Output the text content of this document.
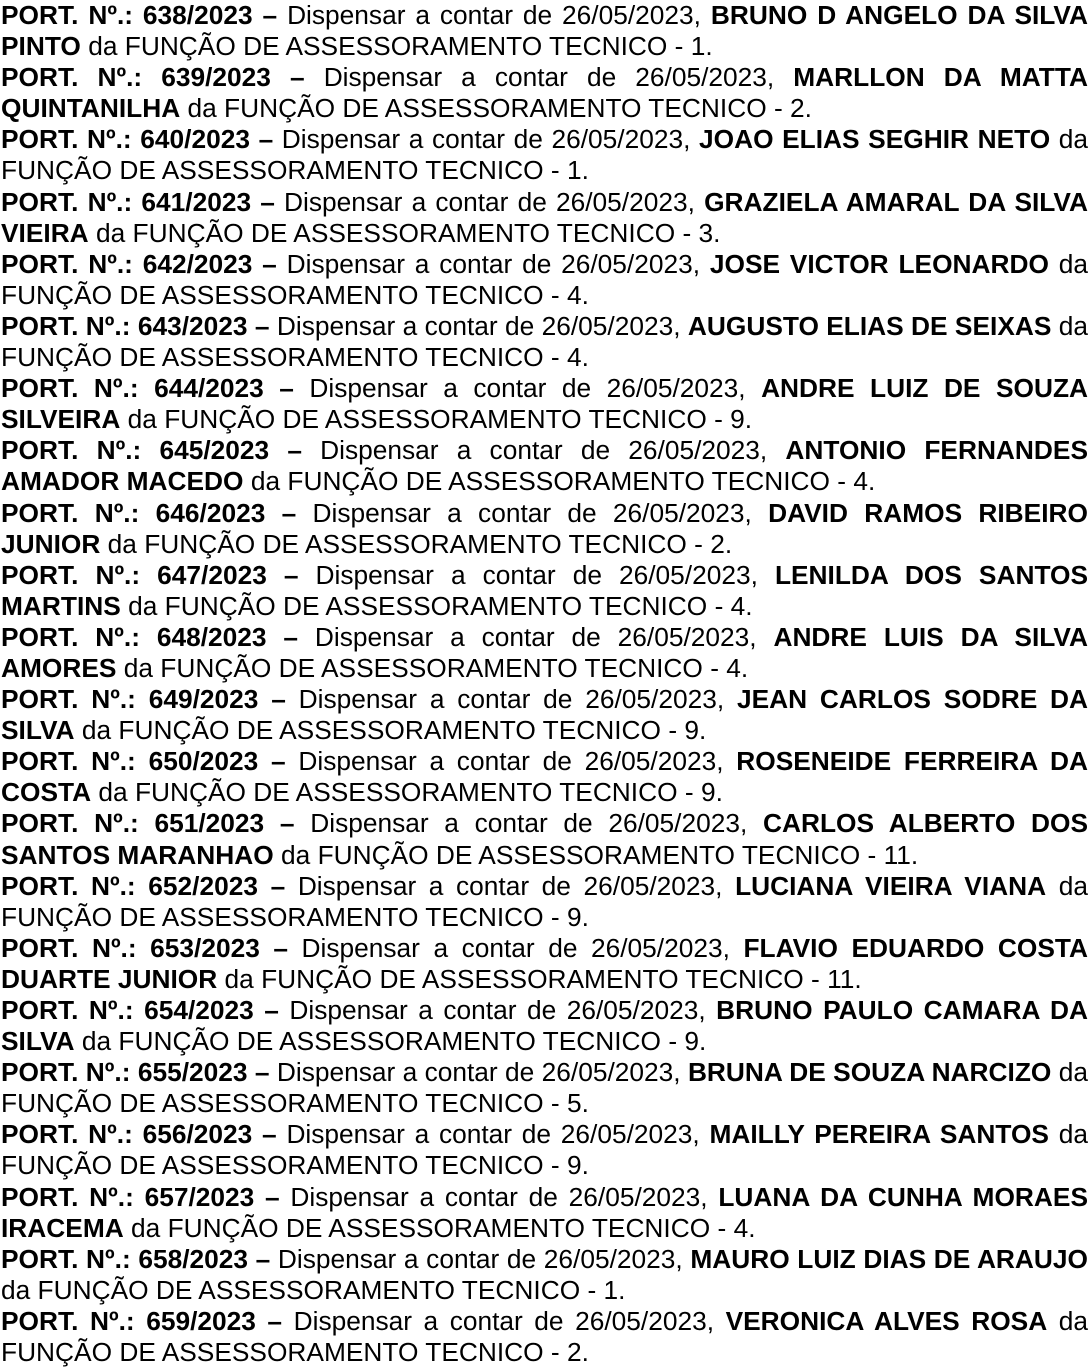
PORT. Nº.: 638/2023 – Dispensar a contar de 26/05/2023, BRUNO D ANGELO DA SILVA PINTO da FUNÇÃO DE ASSESSORAMENTO TECNICO - 1.

PORT. Nº.: 639/2023 – Dispensar a contar de 26/05/2023, MARLLON DA MATTA QUINTANILHA da FUNÇÃO DE ASSESSORAMENTO TECNICO - 2.

PORT. Nº.: 640/2023 – Dispensar a contar de 26/05/2023, JOAO ELIAS SEGHIR NETO da FUNÇÃO DE ASSESSORAMENTO TECNICO - 1.

PORT. Nº.: 641/2023 – Dispensar a contar de 26/05/2023, GRAZIELA AMARAL DA SILVA VIEIRA da FUNÇÃO DE ASSESSORAMENTO TECNICO - 3.

PORT. Nº.: 642/2023 – Dispensar a contar de 26/05/2023, JOSE VICTOR LEONARDO da FUNÇÃO DE ASSESSORAMENTO TECNICO - 4.

PORT. Nº.: 643/2023 – Dispensar a contar de 26/05/2023, AUGUSTO ELIAS DE SEIXAS da FUNÇÃO DE ASSESSORAMENTO TECNICO - 4.

PORT. Nº.: 644/2023 – Dispensar a contar de 26/05/2023, ANDRE LUIZ DE SOUZA SILVEIRA da FUNÇÃO DE ASSESSORAMENTO TECNICO - 9.

PORT. Nº.: 645/2023 – Dispensar a contar de 26/05/2023, ANTONIO FERNANDES AMADOR MACEDO da FUNÇÃO DE ASSESSORAMENTO TECNICO - 4.

PORT. Nº.: 646/2023 – Dispensar a contar de 26/05/2023, DAVID RAMOS RIBEIRO JUNIOR da FUNÇÃO DE ASSESSORAMENTO TECNICO - 2.

PORT. Nº.: 647/2023 – Dispensar a contar de 26/05/2023, LENILDA DOS SANTOS MARTINS da FUNÇÃO DE ASSESSORAMENTO TECNICO - 4.

PORT. Nº.: 648/2023 – Dispensar a contar de 26/05/2023, ANDRE LUIS DA SILVA AMORES da FUNÇÃO DE ASSESSORAMENTO TECNICO - 4.

PORT. Nº.: 649/2023 – Dispensar a contar de 26/05/2023, JEAN CARLOS SODRE DA SILVA da FUNÇÃO DE ASSESSORAMENTO TECNICO - 9.

PORT. Nº.: 650/2023 – Dispensar a contar de 26/05/2023, ROSENEIDE FERREIRA DA COSTA da FUNÇÃO DE ASSESSORAMENTO TECNICO - 9.

PORT. Nº.: 651/2023 – Dispensar a contar de 26/05/2023, CARLOS ALBERTO DOS SANTOS MARANHAO da FUNÇÃO DE ASSESSORAMENTO TECNICO - 11.

PORT. Nº.: 652/2023 – Dispensar a contar de 26/05/2023, LUCIANA VIEIRA VIANA da FUNÇÃO DE ASSESSORAMENTO TECNICO - 9.

PORT. Nº.: 653/2023 – Dispensar a contar de 26/05/2023, FLAVIO EDUARDO COSTA DUARTE JUNIOR da FUNÇÃO DE ASSESSORAMENTO TECNICO - 11.

PORT. Nº.: 654/2023 – Dispensar a contar de 26/05/2023, BRUNO PAULO CAMARA DA SILVA da FUNÇÃO DE ASSESSORAMENTO TECNICO - 9.

PORT. Nº.: 655/2023 – Dispensar a contar de 26/05/2023, BRUNA DE SOUZA NARCIZO da FUNÇÃO DE ASSESSORAMENTO TECNICO - 5.

PORT. Nº.: 656/2023 – Dispensar a contar de 26/05/2023, MAILLY PEREIRA SANTOS da FUNÇÃO DE ASSESSORAMENTO TECNICO - 9.

PORT. Nº.: 657/2023 – Dispensar a contar de 26/05/2023, LUANA DA CUNHA MORAES IRACEMA da FUNÇÃO DE ASSESSORAMENTO TECNICO - 4.

PORT. Nº.: 658/2023 – Dispensar a contar de 26/05/2023, MAURO LUIZ DIAS DE ARAUJO da FUNÇÃO DE ASSESSORAMENTO TECNICO - 1.

PORT. Nº.: 659/2023 – Dispensar a contar de 26/05/2023, VERONICA ALVES ROSA da FUNÇÃO DE ASSESSORAMENTO TECNICO - 2.
